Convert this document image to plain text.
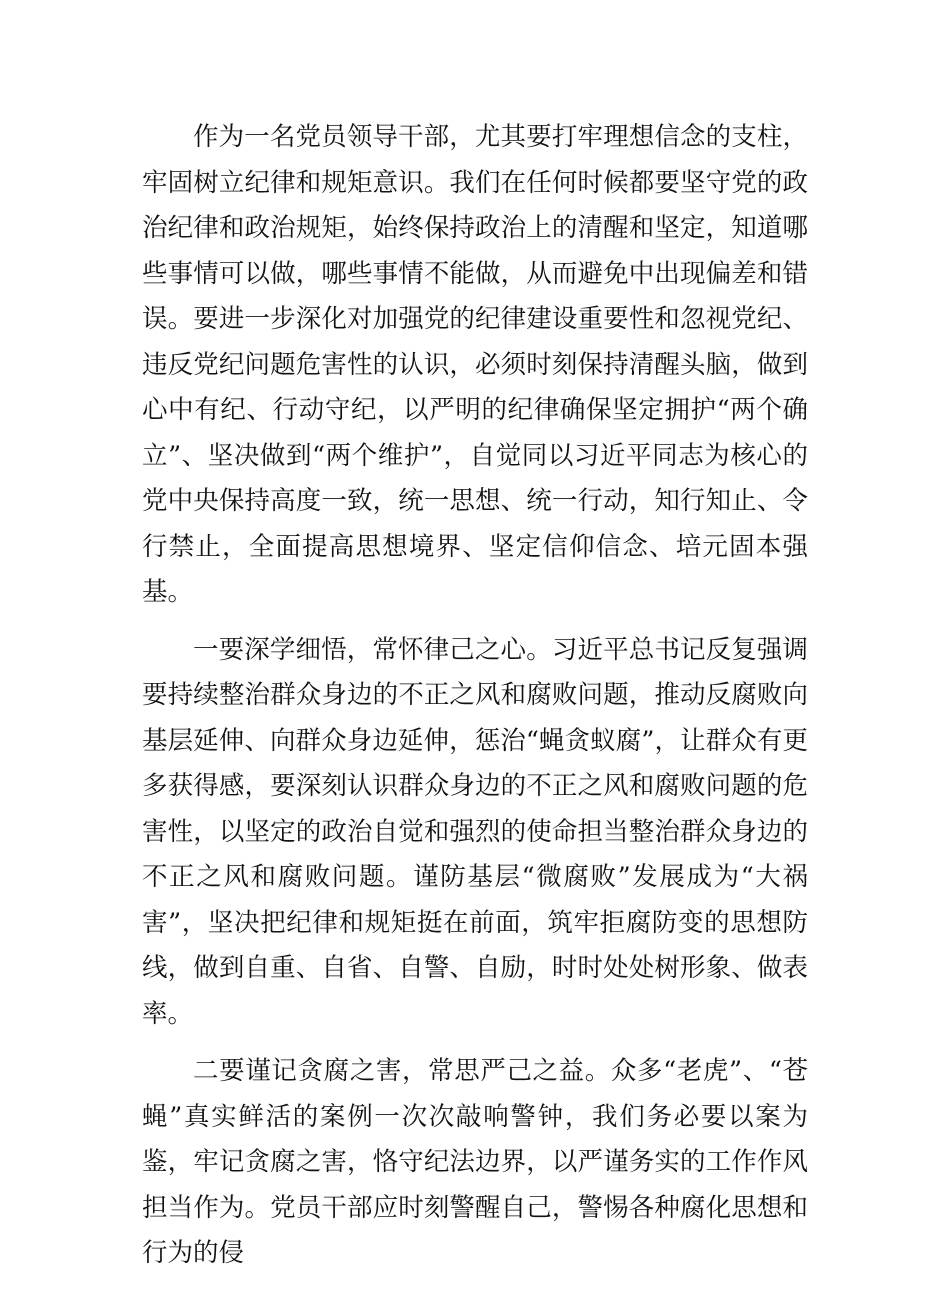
作为一名党员领导干部，尤其要打牢理想信念的支柱，牢固树立纪律和规矩意识。我们在任何时候都要坚守党的政治纪律和政治规矩，始终保持政治上的清醒和坚定，知道哪些事情可以做，哪些事情不能做，从而避免中出现偏差和错误。要进一步深化对加强党的纪律建设重要性和忽视党纪、违反党纪问题危害性的认识，必须时刻保持清醒头脑，做到心中有纪、行动守纪，以严明的纪律确保坚定拥护“两个确立”、坚决做到“两个维护”，自觉同以习近平同志为核心的党中央保持高度一致，统一思想、统一行动，知行知止、令行禁止，全面提高思想境界、坚定信仰信念、培元固本强基。

一要深学细悟，常怀律己之心。习近平总书记反复强调要持续整治群众身边的不正之风和腐败问题，推动反腐败向基层延伸、向群众身边延伸，惩治“蝇贪蚁腐”，让群众有更多获得感，要深刻认识群众身边的不正之风和腐败问题的危害性，以坚定的政治自觉和强烈的使命担当整治群众身边的不正之风和腐败问题。谨防基层“微腐败”发展成为“大祸害”，坚决把纪律和规矩挺在前面，筑牢拒腐防变的思想防线，做到自重、自省、自警、自励，时时处处树形象、做表率。

二要谨记贪腐之害，常思严己之益。众多“老虎”、“苍蝇”真实鲜活的案例一次次敲响警钟，我们务必要以案为鉴，牢记贪腐之害，恪守纪法边界，以严谨务实的工作作风担当作为。党员干部应时刻警醒自己，警惕各种腐化思想和行为的侵
